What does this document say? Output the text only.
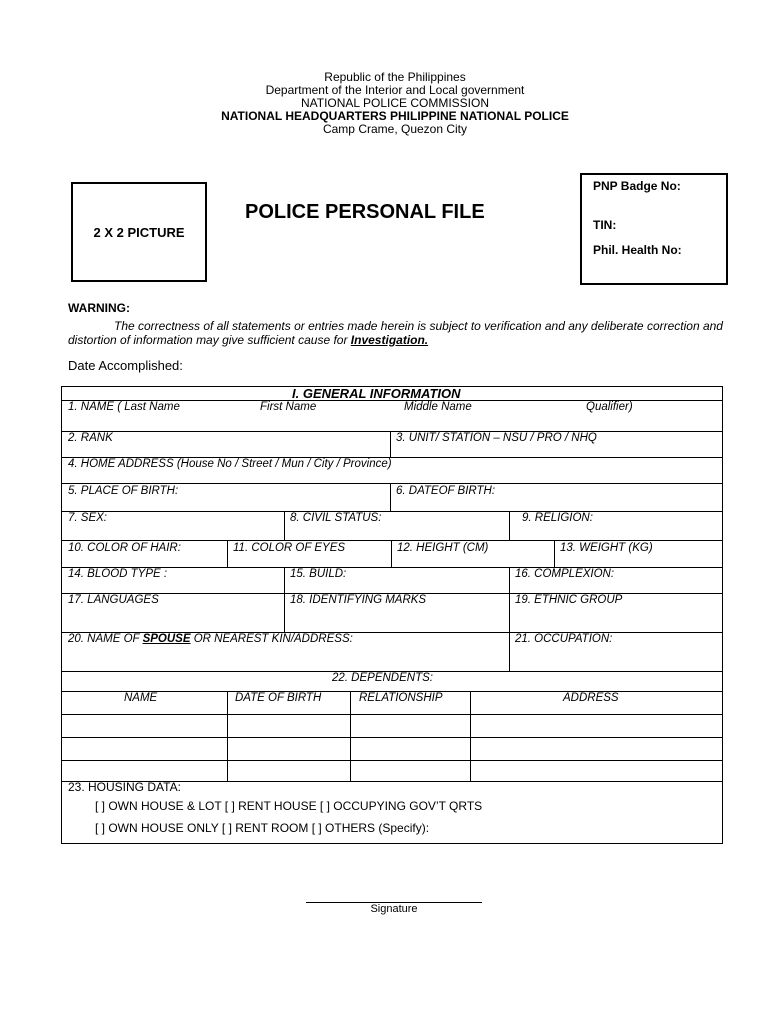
Republic of the Philippines
Department of the Interior and Local government
NATIONAL POLICE COMMISSION
NATIONAL HEADQUARTERS PHILIPPINE NATIONAL POLICE
Camp Crame, Quezon City
2 X 2 PICTURE
POLICE PERSONAL FILE
PNP Badge No:
TIN:
Phil. Health No:
WARNING:
The correctness of all statements or entries made herein is subject to verification and any deliberate correction and distortion of information may give sufficient cause for Investigation.
Date Accomplished:
I. GENERAL INFORMATION
1. NAME ( Last Name	First Name	Middle Name	Qualifier)
2. RANK	3. UNIT/ STATION – NSU / PRO / NHQ
4. HOME ADDRESS (House No / Street / Mun / City / Province)
5. PLACE OF BIRTH:	6. DATEOF BIRTH:
7. SEX:	8. CIVIL STATUS:	9. RELIGION:
10. COLOR OF HAIR:	11. COLOR OF EYES	12. HEIGHT (CM)	13. WEIGHT (KG)
14. BLOOD TYPE :	15. BUILD:	16. COMPLEXION:
17. LANGUAGES	18. IDENTIFYING MARKS	19. ETHNIC GROUP
20. NAME OF SPOUSE OR NEAREST KIN/ADDRESS:	21. OCCUPATION:
22. DEPENDENTS:
NAME	DATE OF BIRTH	RELATIONSHIP	ADDRESS
23. HOUSING DATA:
[ ] OWN HOUSE & LOT [ ] RENT HOUSE [ ] OCCUPYING GOV’T QRTS
[ ] OWN HOUSE ONLY [ ] RENT ROOM [ ] OTHERS (Specify):
Signature
